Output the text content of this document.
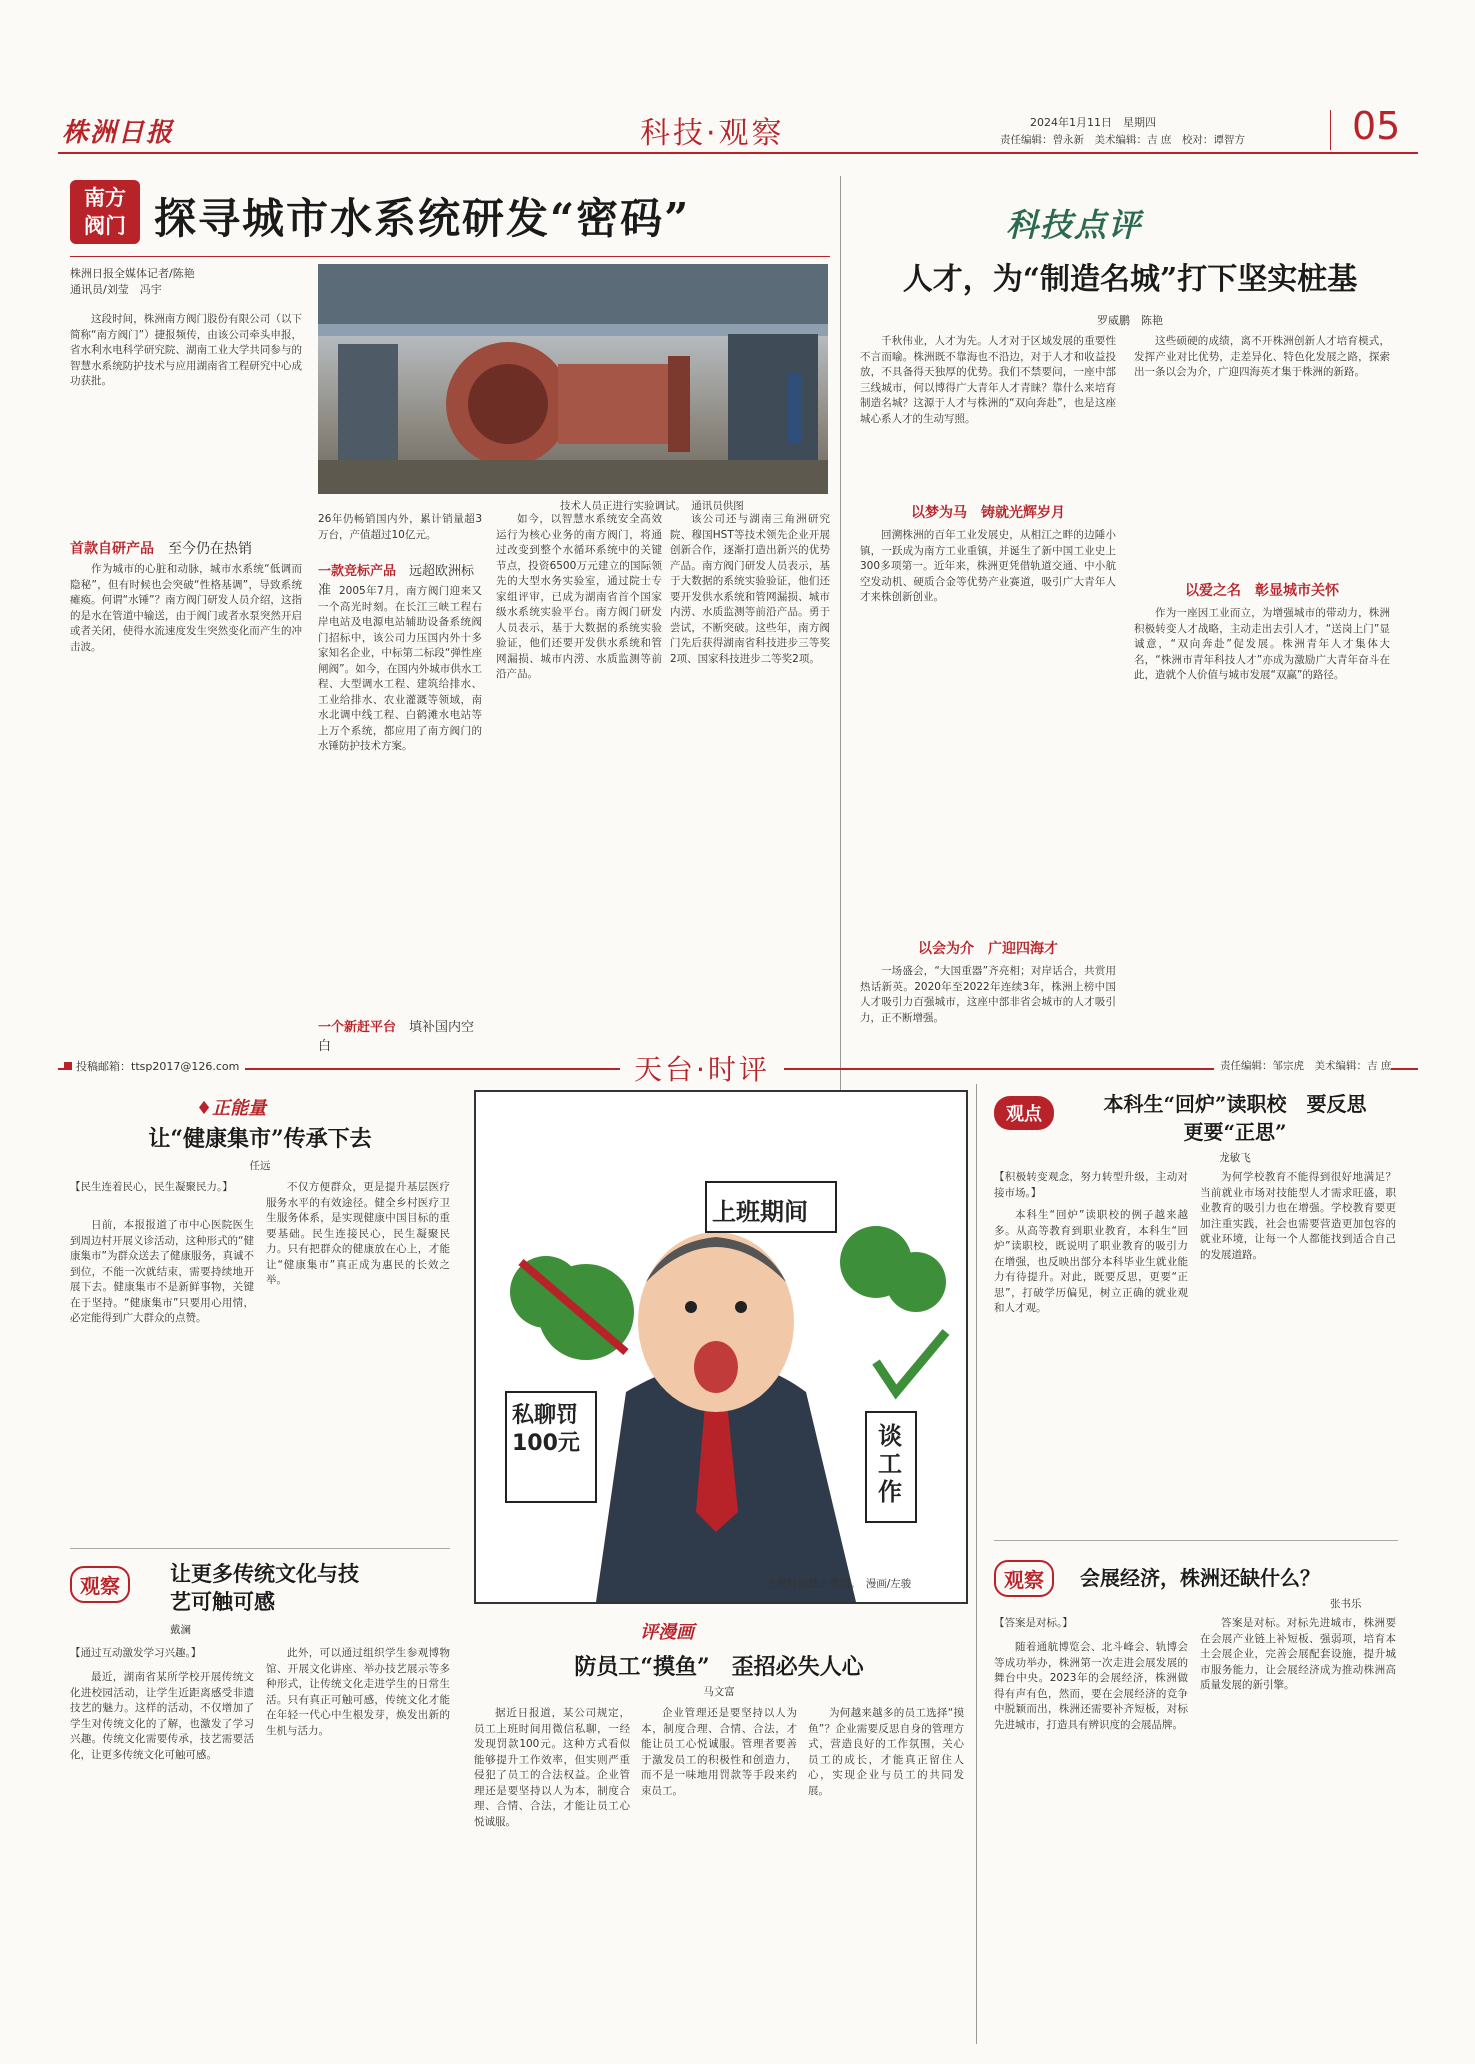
株洲日报	科技·观察	2024年1月11日　 星期四
责任编辑：曾永新　美术编辑：吉 庶　校对：谭智方	05
南方阀门 探寻城市水系统研发“密码”
株洲日报全媒体记者/陈艳
通讯员/刘莹　冯宇

这段时间，株洲南方阀门股份有限公司（以下简称“南方阀门”）捷报频传，由该公司牵头申报，省水利水电科学研究院、湖南工业大学共同参与的智慧水系统防护技术与应用湖南省工程研究中心成功获批。

首款自研产品　 至今仍在热销

作为城市的心脏和动脉，城市水系统“低调而隐秘”，但有时候也会突破“性格基调”，导致系统瘫痪。何谓“水锤”？南方阀门研发人员介绍，这指的是水在管道中输送，由于阀门或者水泵突然开启或者关闭，使得水流速度发生突然变化而产生的冲击波。

技术人员正进行实验调试。　通讯员供图

26年仍畅销国内外，累计销量超3万台，产值超过10亿元。

一款竞标产品　 远超欧洲标准 2005年7月，南方阀门迎来又一个高光时刻。在长江三峡工程右岸电站及电源电站辅助设备系统阀门招标中，该公司力压国内外十多家知名企业，中标第二标段“弹性座闸阀”。如今，在国内外城市供水工程、大型调水工程、建筑给排水、工业给排水、农业灌溉等领域，南水北调中线工程、白鹤滩水电站等上万个系统，都应用了南方阀门的水锤防护技术方案。

一个新赶平台　 填补国内空白

如今，以智慧水系统安全高效运行为核心业务的南方阀门，将通过改变到整个水循环系统中的关键节点，投资6500万元建立的国际领先的大型水务实验室，通过院士专家组评审，已成为湖南省首个国家级水系统实验平台。南方阀门研发人员表示，基于大数据的系统实验验证，他们还要开发供水系统和管网漏损、城市内涝、水质监测等前沿产品。

该公司还与湖南三角洲研究院、穆国HST等技术领先企业开展创新合作，逐渐打造出新兴的优势产品。南方阀门研发人员表示，基于大数据的系统实验验证，他们还要开发供水系统和管网漏损、城市内涝、水质监测等前沿产品。勇于尝试，不断突破。这些年，南方阀门先后获得湖南省科技进步三等奖2项、国家科技进步二等奖2项。

科技点评
人才，为“制造名城”打下坚实桩基
罗威鹏　陈艳

千秋伟业，人才为先。人才对于区域发展的重要性不言而喻。株洲既不靠海也不沿边，对于人才和收益投放，不具备得天独厚的优势。我们不禁要问，一座中部三线城市，何以博得广大青年人才青睐？靠什么来培育制造名城？这源于人才与株洲的“双向奔赴”，也是这座城心系人才的生动写照。

以梦为马　铸就光辉岁月

回溯株洲的百年工业发展史，从相江之畔的边陲小镇，一跃成为南方工业重镇，并诞生了新中国工业史上300多项第一。近年来，株洲更凭借轨道交通、中小航空发动机、硬质合金等优势产业赛道，吸引广大青年人才来株创新创业。

以会为介　广迎四海才

一场盛会，“大国重器”齐亮相；对岸话合，共赏用热话新英。2020年至2022年连续3年，株洲上榜中国人才吸引力百强城市，这座中部非省会城市的人才吸引力，正不断增强。

这些硕硬的成绩，离不开株洲创新人才培育模式，发挥产业对比优势，走差异化、特色化发展之路，探索出一条以会为介，广迎四海英才集于株洲的新路。

以爱之名　彰显城市关怀

作为一座因工业而立，为增强城市的带动力，株洲积极转变人才战略，主动走出去引人才，“送岗上门”显诚意，“双向奔赴”促发展。株洲青年人才集体大名，“株洲市青年科技人才”亦成为激励广大青年奋斗在此，造就个人价值与城市发展“双赢”的路径。

投稿邮箱：ttsp2017@126.com	天台·时评	责任编辑：邹宗虎　美术编辑：吉 庶
♦正能量
让“健康集市”传承下去
任远

【民生连着民心，民生凝聚民力。】

日前，本报报道了市中心医院医生到周边村开展义诊活动，这种形式的“健康集市”为群众送去了健康服务，真诚不到位，不能一次就结束，需要持续地开展下去。健康集市不是新鲜事物，关键在于坚持。“健康集市”只要用心用情，必定能得到广大群众的点赞。

不仅方便群众，更是提升基层医疗服务水平的有效途径。健全乡村医疗卫生服务体系，是实现健康中国目标的重要基础。民生连接民心，民生凝聚民力。只有把群众的健康放在心上，才能让“健康集市”真正成为惠民的长效之举。

观察	让更多传统文化与技艺可触可感
戴澜

【通过互动激发学习兴趣。】

最近，湖南省某所学校开展传统文化进校园活动，让学生近距离感受非遗技艺的魅力。这样的活动，不仅增加了学生对传统文化的了解，也激发了学习兴趣。传统文化需要传承，技艺需要活化，让更多传统文化可触可感。

此外，可以通过组织学生参观博物馆、开展文化讲座、举办技艺展示等多种形式，让传统文化走进学生的日常生活。只有真正可触可感，传统文化才能在年轻一代心中生根发芽，焕发出新的生机与活力。

上班期间
私聊罚100元	谈工作
上班时间禁止事项。　漫画/左骏
评漫画
防员工“摸鱼”　歪招必失人心
马文富

据近日报道，某公司规定，员工上班时间用微信私聊，一经发现罚款100元。这种方式看似能够提升工作效率，但实则严重侵犯了员工的合法权益。企业管理还是要坚持以人为本，制度合理、合情、合法，才能让员工心悦诚服。

企业管理还是要坚持以人为本，制度合理、合情、合法，才能让员工心悦诚服。管理者要善于激发员工的积极性和创造力，而不是一味地用罚款等手段来约束员工。

为何越来越多的员工选择“摸鱼”？企业需要反思自身的管理方式，营造良好的工作氛围，关心员工的成长，才能真正留住人心，实现企业与员工的共同发展。

观点	本科生“回炉”读职校　要反思更要“正思”
龙敏飞

【积极转变观念，努力转型升级，主动对接市场。】

本科生“回炉”读职校的例子越来越多。从高等教育到职业教育，本科生“回炉”读职校，既说明了职业教育的吸引力在增强，也反映出部分本科毕业生就业能力有待提升。对此，既要反思，更要“正思”，打破学历偏见，树立正确的就业观和人才观。

为何学校教育不能得到很好地满足？当前就业市场对技能型人才需求旺盛，职业教育的吸引力也在增强。学校教育要更加注重实践，社会也需要营造更加包容的就业环境，让每一个人都能找到适合自己的发展道路。

观察	会展经济，株洲还缺什么？
张书乐

【答案是对标。】

随着通航博览会、北斗峰会、轨博会等成功举办，株洲第一次走进会展发展的舞台中央。2023年的会展经济，株洲做得有声有色，然而，要在会展经济的竞争中脱颖而出，株洲还需要补齐短板，对标先进城市，打造具有辨识度的会展品牌。

答案是对标。对标先进城市，株洲要在会展产业链上补短板、强弱项，培育本土会展企业，完善会展配套设施，提升城市服务能力，让会展经济成为推动株洲高质量发展的新引擎。
